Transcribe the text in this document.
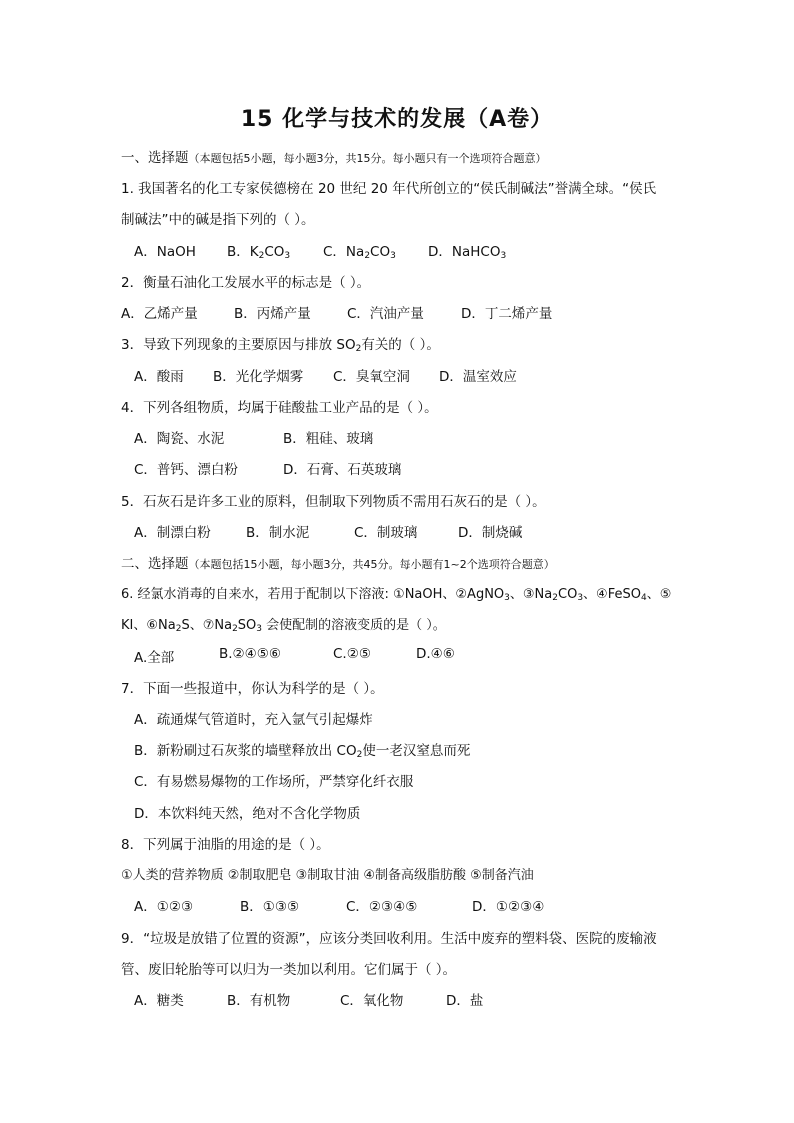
15 化学与技术的发展（A卷）
一、选择题（本题包括5小题，每小题3分，共15分。每小题只有一个选项符合题意）
1. 我国著名的化工专家侯德榜在 20 世纪 20 年代所创立的“侯氏制碱法”誉满全球。“侯氏
制碱法”中的碱是指下列的（ ）。
A．NaOH B．$K_2CO_3$ C．$Na_2CO_3$ D．NaHCO$_3$
2．衡量石油化工发展水平的标志是（ ）。
A．乙烯产量	B．丙烯产量	C．汽油产量	D．丁二烯产量
3．导致下列现象的主要原因与排放 $SO_2$有关的（ ）。
A．酸雨 B．光化学烟雾 C．臭氧空洞 D．温室效应
4．下列各组物质，均属于硅酸盐工业产品的是（ ）。
A．陶瓷、水泥	B．粗硅、玻璃
C．普钙、漂白粉	D．石膏、石英玻璃
5．石灰石是许多工业的原料，但制取下列物质不需用石灰石的是（ ）。
A．制漂白粉	B．制水泥	C．制玻璃	D．制烧碱
二、选择题（本题包括15小题，每小题3分，共45分。每小题有1~2个选项符合题意）
6. 经氯水消毒的自来水，若用于配制以下溶液: ①NaOH、②AgNO$_3$、$③Na_2CO_3$、④FeSO$_4$、⑤
KI、$⑥Na_2S$、$⑦Na_2SO_3$ 会使配制的溶液变质的是（ ）。
A.全部	B.②④⑤⑥	C.②⑤	D.④⑥
7．下面一些报道中，你认为科学的是（ ）。
A．疏通煤气管道时，充入氩气引起爆炸
B．新粉刷过石灰浆的墙壁释放出 $CO_2$使一老汉窒息而死
C．有易燃易爆物的工作场所，严禁穿化纤衣服
D．本饮料纯天然，绝对不含化学物质
8．下列属于油脂的用途的是（ ）。
①人类的营养物质 ②制取肥皂 ③制取甘油 ④制备高级脂肪酸 ⑤制备汽油
A．①②③	B．①③⑤	C．②③④⑤	D．①②③④
9．“垃圾是放错了位置的资源”，应该分类回收利用。生活中废弃的塑料袋、医院的废输液
管、废旧轮胎等可以归为一类加以利用。它们属于（ ）。
A．糖类	B．有机物	C．氧化物	D．盐
